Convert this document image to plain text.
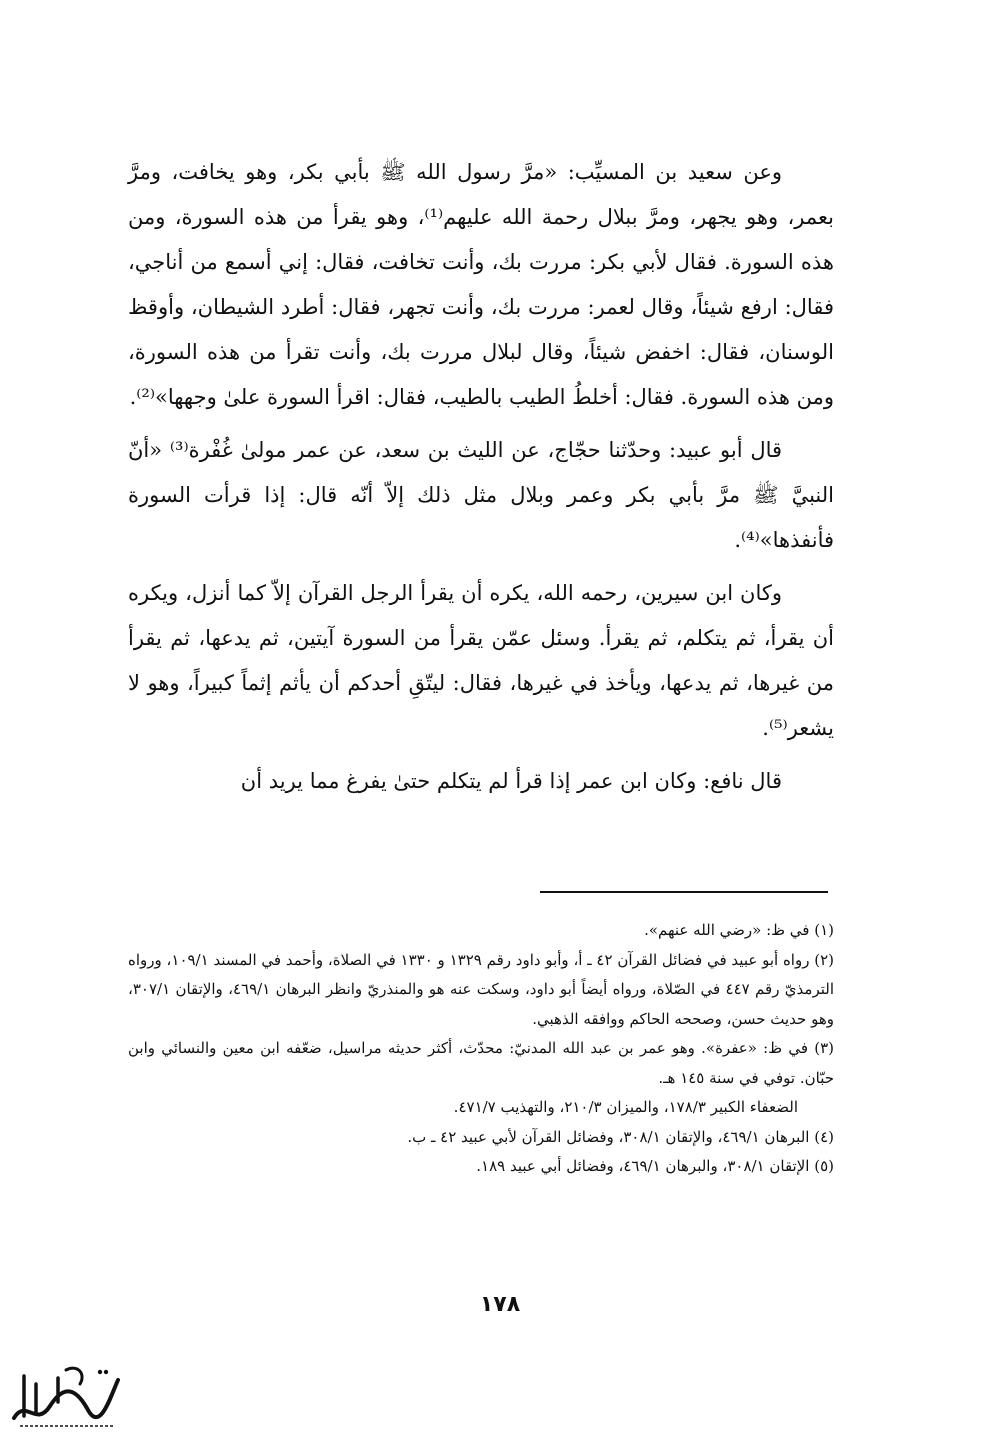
وعن سعيد بن المسيِّب: «مرَّ رسول الله ﷺ بأبي بكر، وهو يخافت، ومرَّ بعمر، وهو يجهر، ومرَّ ببلال رحمة الله عليهم⁽¹⁾، وهو يقرأ من هذه السورة، ومن هذه السورة. فقال لأبي بكر: مررت بك، وأنت تخافت، فقال: إني أسمع من أناجي، فقال: ارفع شيئاً، وقال لعمر: مررت بك، وأنت تجهر، فقال: أطرد الشيطان، وأوقظ الوسنان، فقال: اخفض شيئاً، وقال لبلال مررت بك، وأنت تقرأ من هذه السورة، ومن هذه السورة. فقال: أخلطُ الطيب بالطيب، فقال: اقرأ السورة علىٰ وجهها»⁽²⁾.

قال أبو عبيد: وحدّثنا حجّاج، عن الليث بن سعد، عن عمر مولىٰ غُفْرة⁽³⁾ «أنّ النبيَّ ﷺ مرَّ بأبي بكر وعمر وبلال مثل ذلك إلاّ أنّه قال: إذا قرأت السورة فأنفذها»⁽⁴⁾.

وكان ابن سيرين، رحمه الله، يكره أن يقرأ الرجل القرآن إلاّ كما أنزل، ويكره أن يقرأ، ثم يتكلم، ثم يقرأ. وسئل عمّن يقرأ من السورة آيتين، ثم يدعها، ثم يقرأ من غيرها، ثم يدعها، ويأخذ في غيرها، فقال: ليتّقِ أحدكم أن يأثم إثماً كبيراً، وهو لا يشعر⁽⁵⁾.

قال نافع: وكان ابن عمر إذا قرأ لم يتكلم حتىٰ يفرغ مما يريد أن

(١) في ظ: «رضي الله عنهم».

(٢) رواه أبو عبيد في فضائل القرآن ٤٢ ـ أ، وأبو داود رقم ١٣٢٩ و ١٣٣٠ في الصلاة، وأحمد في المسند ١٠٩/١، ورواه الترمذيّ رقم ٤٤٧ في الصّلاة، ورواه أيضاً أبو داود، وسكت عنه هو والمنذريّ وانظر البرهان ٤٦٩/١، والإتقان ٣٠٧/١، وهو حديث حسن، وصححه الحاكم ووافقه الذهبي.

(٣) في ظ: «عفرة». وهو عمر بن عبد الله المدنيّ: محدّث، أكثر حديثه مراسيل، ضعّفه ابن معين والنسائي وابن حبّان. توفي في سنة ١٤٥ هـ.

الضعفاء الكبير ١٧٨/٣، والميزان ٢١٠/٣، والتهذيب ٤٧١/٧.

(٤) البرهان ٤٦٩/١، والإتقان ٣٠٨/١، وفضائل القرآن لأبي عبيد ٤٢ ـ ب.

(٥) الإتقان ٣٠٨/١، والبرهان ٤٦٩/١، وفضائل أبي عبيد ١٨٩.

١٧٨
